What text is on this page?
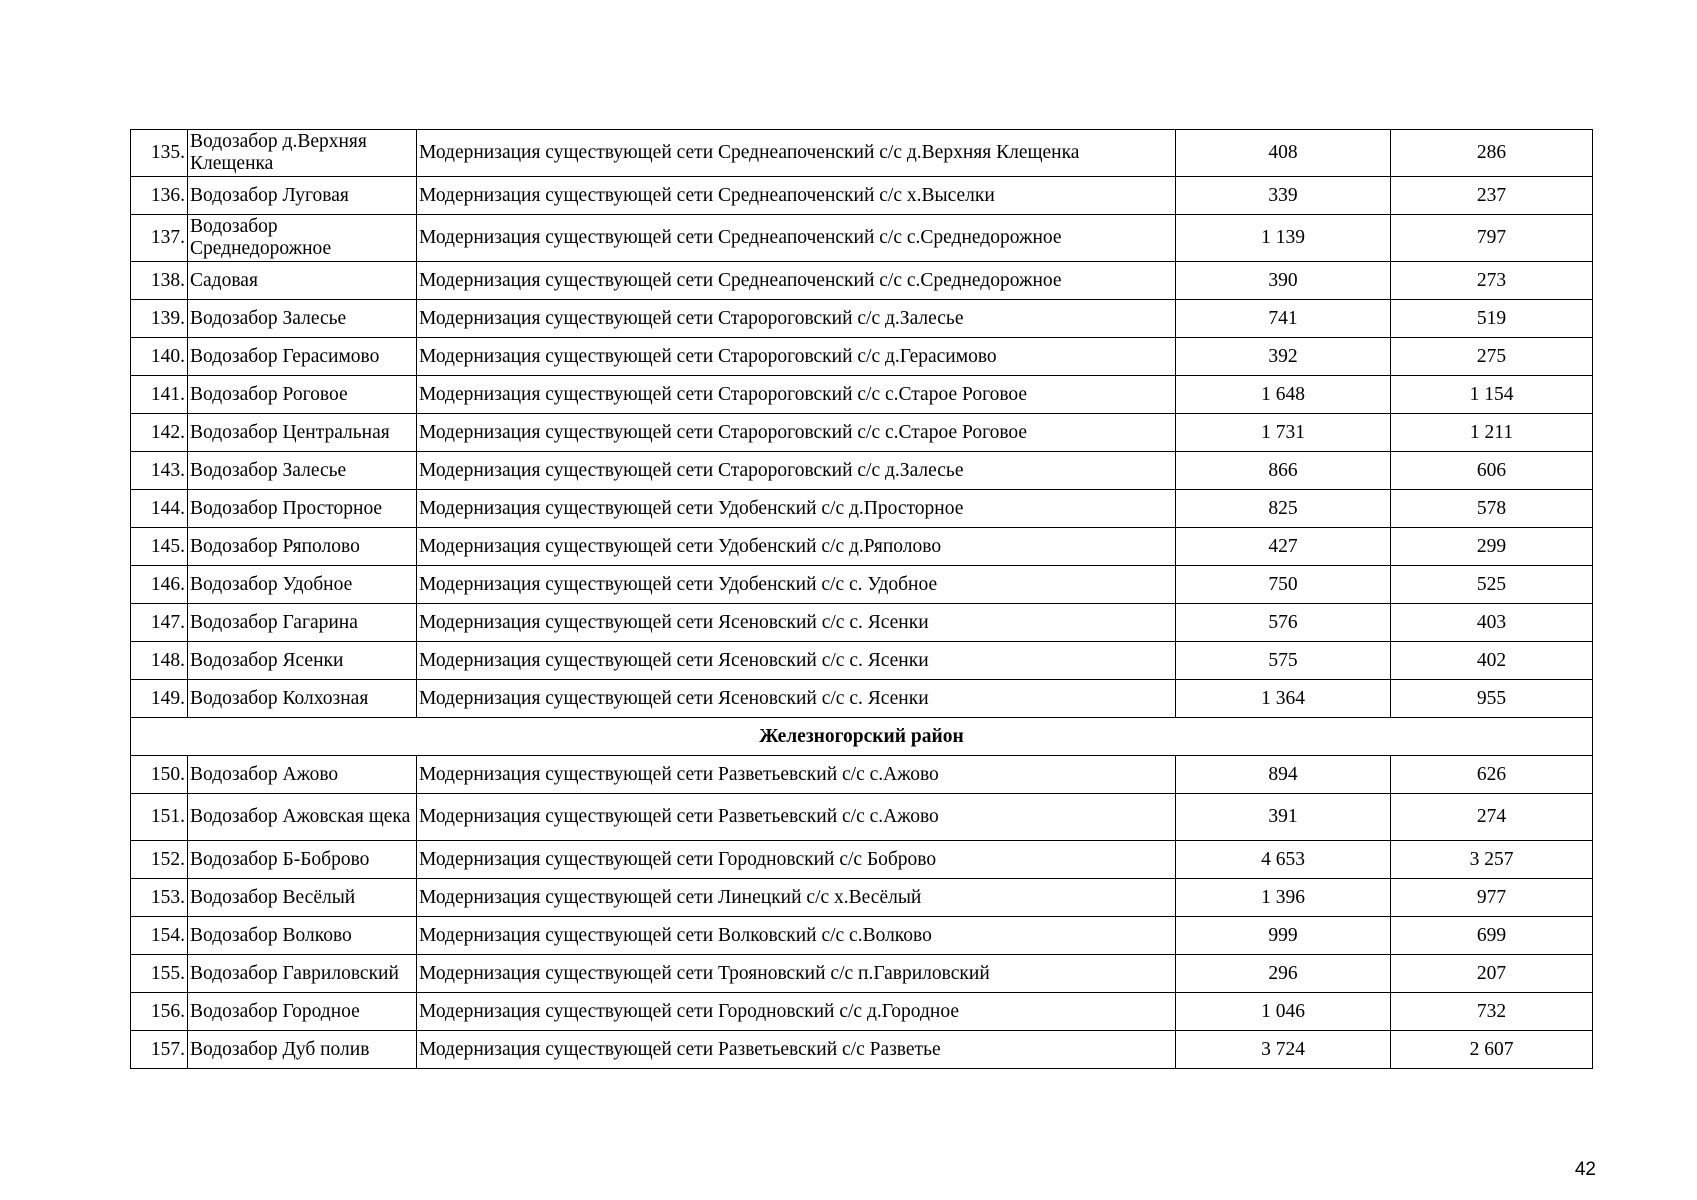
135.	Водозабор д.Верхняя Клещенка	Модернизация существующей сети Среднеапоченский с/с д.Верхняя Клещенка	408	286
136.	Водозабор Луговая	Модернизация существующей сети Среднеапоченский с/с х.Выселки	339	237
137.	Водозабор Среднедорожное	Модернизация существующей сети Среднеапоченский с/с с.Среднедорожное	1 139	797
138.	Садовая	Модернизация существующей сети Среднеапоченский с/с с.Среднедорожное	390	273
139.	Водозабор Залесье	Модернизация существующей сети Старороговский с/с д.Залесье	741	519
140.	Водозабор Герасимово	Модернизация существующей сети Старороговский с/с д.Герасимово	392	275
141.	Водозабор Роговое	Модернизация существующей сети Старороговский с/с с.Старое Роговое	1 648	1 154
142.	Водозабор Центральная	Модернизация существующей сети Старороговский с/с с.Старое Роговое	1 731	1 211
143.	Водозабор Залесье	Модернизация существующей сети Старороговский с/с д.Залесье	866	606
144.	Водозабор Просторное	Модернизация существующей сети Удобенский с/с д.Просторное	825	578
145.	Водозабор Ряполово	Модернизация существующей сети Удобенский с/с д.Ряполово	427	299
146.	Водозабор Удобное	Модернизация существующей сети Удобенский с/с с. Удобное	750	525
147.	Водозабор Гагарина	Модернизация существующей сети Ясеновский с/с с. Ясенки	576	403
148.	Водозабор Ясенки	Модернизация существующей сети Ясеновский с/с с. Ясенки	575	402
149.	Водозабор Колхозная	Модернизация существующей сети Ясеновский с/с с. Ясенки	1 364	955
Железногорский район				
150.	Водозабор Ажово	Модернизация существующей сети Разветьевский с/с с.Ажово	894	626
151.	Водозабор Ажовская щека	Модернизация существующей сети Разветьевский с/с с.Ажово	391	274
152.	Водозабор Б-Боброво	Модернизация существующей сети Городновский с/с Боброво	4 653	3 257
153.	Водозабор Весёлый	Модернизация существующей сети Линецкий с/с х.Весёлый	1 396	977
154.	Водозабор Волково	Модернизация существующей сети Волковский с/с с.Волково	999	699
155.	Водозабор Гавриловский	Модернизация существующей сети Трояновский с/с п.Гавриловский	296	207
156.	Водозабор Городное	Модернизация существующей сети Городновский с/с д.Городное	1 046	732
157.	Водозабор Дуб полив	Модернизация существующей сети Разветьевский с/с Разветье	3 724	2 607
42
